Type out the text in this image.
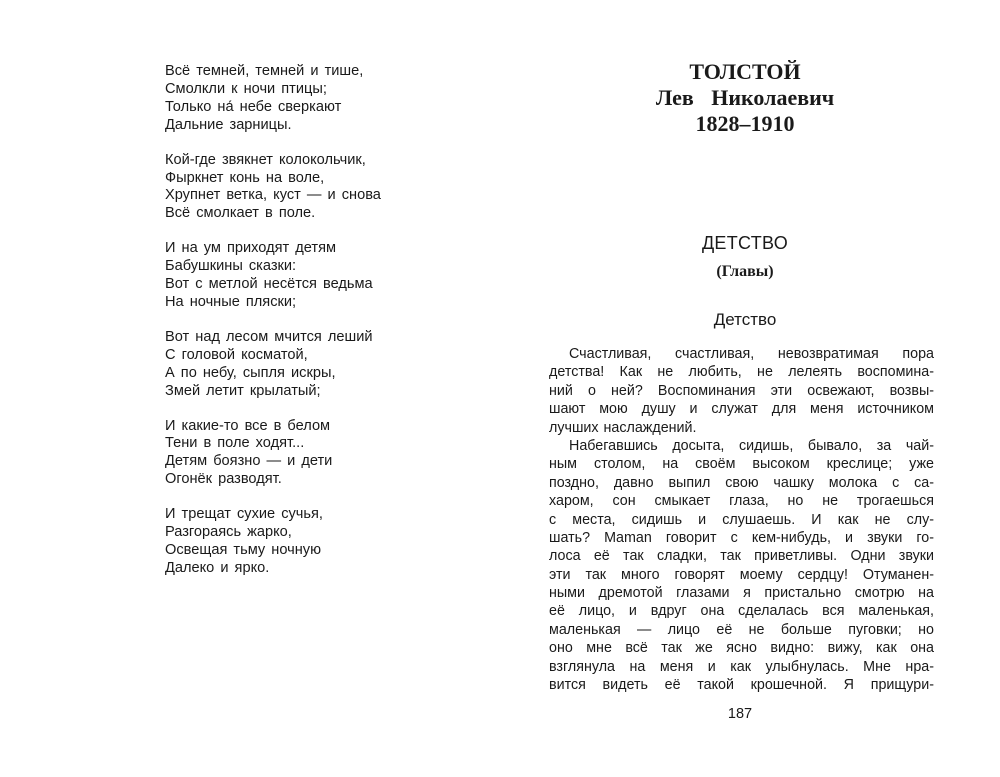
Всё темней, темней и тише,
Смолкли к ночи птицы;
Только на́ небе сверкают
Дальние зарницы.
Кой-где звякнет колокольчик,
Фыркнет конь на воле,
Хрупнет ветка, куст — и снова
Всё смолкает в поле.
И на ум приходят детям
Бабушкины сказки:
Вот с метлой несётся ведьма
На ночные пляски;
Вот над лесом мчится леший
С головой косматой,
А по небу, сыпля искры,
Змей летит крылатый;
И какие-то все в белом
Тени в поле ходят...
Детям боязно — и дети
Огонёк разводят.
И трещат сухие сучья,
Разгораясь жарко,
Освещая тьму ночную
Далеко и ярко.
ТОЛСТОЙ
Лев Николаевич
1828–1910
ДЕТСТВО
(Главы)
Детство
Счастливая, счастливая, невозвратимая пора
детства! Как не любить, не лелеять воспомина-
ний о ней? Воспоминания эти освежают, возвы-
шают мою душу и служат для меня источником
лучших наслаждений.
Набегавшись досыта, сидишь, бывало, за чай-
ным столом, на своём высоком креслице; уже
поздно, давно выпил свою чашку молока с са-
харом, сон смыкает глаза, но не трогаешься
с места, сидишь и слушаешь. И как не слу-
шать? Maman говорит с кем-нибудь, и звуки го-
лоса её так сладки, так приветливы. Одни звуки
эти так много говорят моему сердцу! Отуманен-
ными дремотой глазами я пристально смотрю на
её лицо, и вдруг она сделалась вся маленькая,
маленькая — лицо её не больше пуговки; но
оно мне всё так же ясно видно: вижу, как она
взглянула на меня и как улыбнулась. Мне нра-
вится видеть её такой крошечной. Я прищури-
187
